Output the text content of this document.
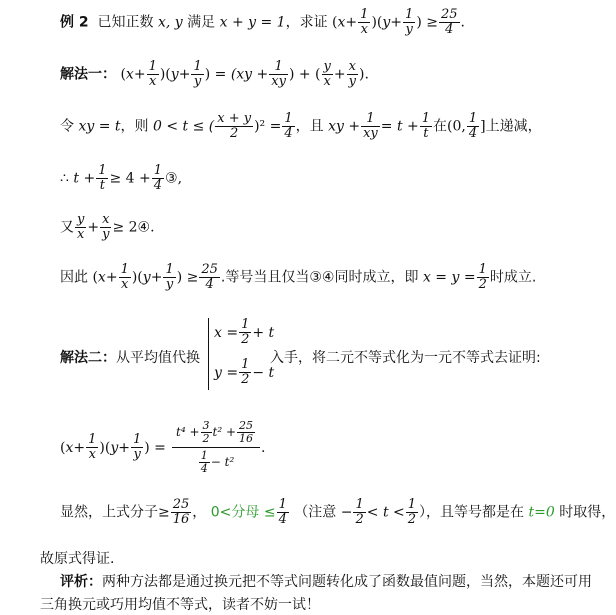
例 2 已知正数 x, y 满足 x + y = 1，求证 $(x+ \frac{1}{x} )(y+ \frac{1}{y}$ ) ≥ $\frac{25}{4}$ .
解法一： $(x+ \frac{1}{x} )(y+ \frac{1}{y}$ ) = ($xy + \frac{1}{xy}$ ) + ( $\frac{y}{x} + \frac{x}{y}$ ).
令 xy = t，则 0 < t ≤ ( $\frac{x + y}{2} )^2 = \frac{1}{4}$ ，且 xy + $\frac{1}{xy} = t + \frac{1}{t}$ 在(0, $\frac{1}{4}$ ]上递减，
∴ $t + \frac{1}{t} \ge 4 + \frac{1}{4}$ ③,
又 $\frac{y}{x} + \frac{x}{y}$ ≥ 2④.
因此 $(x+ \frac{1}{x} )(y+ \frac{1}{y}$ ) ≥ $\frac{25}{4}$ .等号当且仅当③④同时成立，即 $x = y = \frac{1}{2}$ 时成立.
解法二：从平均值代换
$x = \frac{1}{2} + t$
$y = \frac{1}{2} - t$
入手，将二元不等式化为一元不等式去证明:
$(x+ \frac{1}{x} )(y+ \frac{1}{y}$ ) = $\frac{t^4 + \frac{3}{2} t^2 + \frac{25}{16}}{\frac{1}{4} - t^2}$ .
显然，上式分子≥ $\frac{25}{16}$ ， 0<分母 ≤ $\frac{1}{4}$ （注意 − $\frac{1}{2} < t < \frac{1}{2}$ ），且等号都是在 t=0 时取得，
故原式得证.
评析：两种方法都是通过换元把不等式问题转化成了函数最值问题，当然，本题还可用
三角换元或巧用均值不等式，读者不妨一试！
